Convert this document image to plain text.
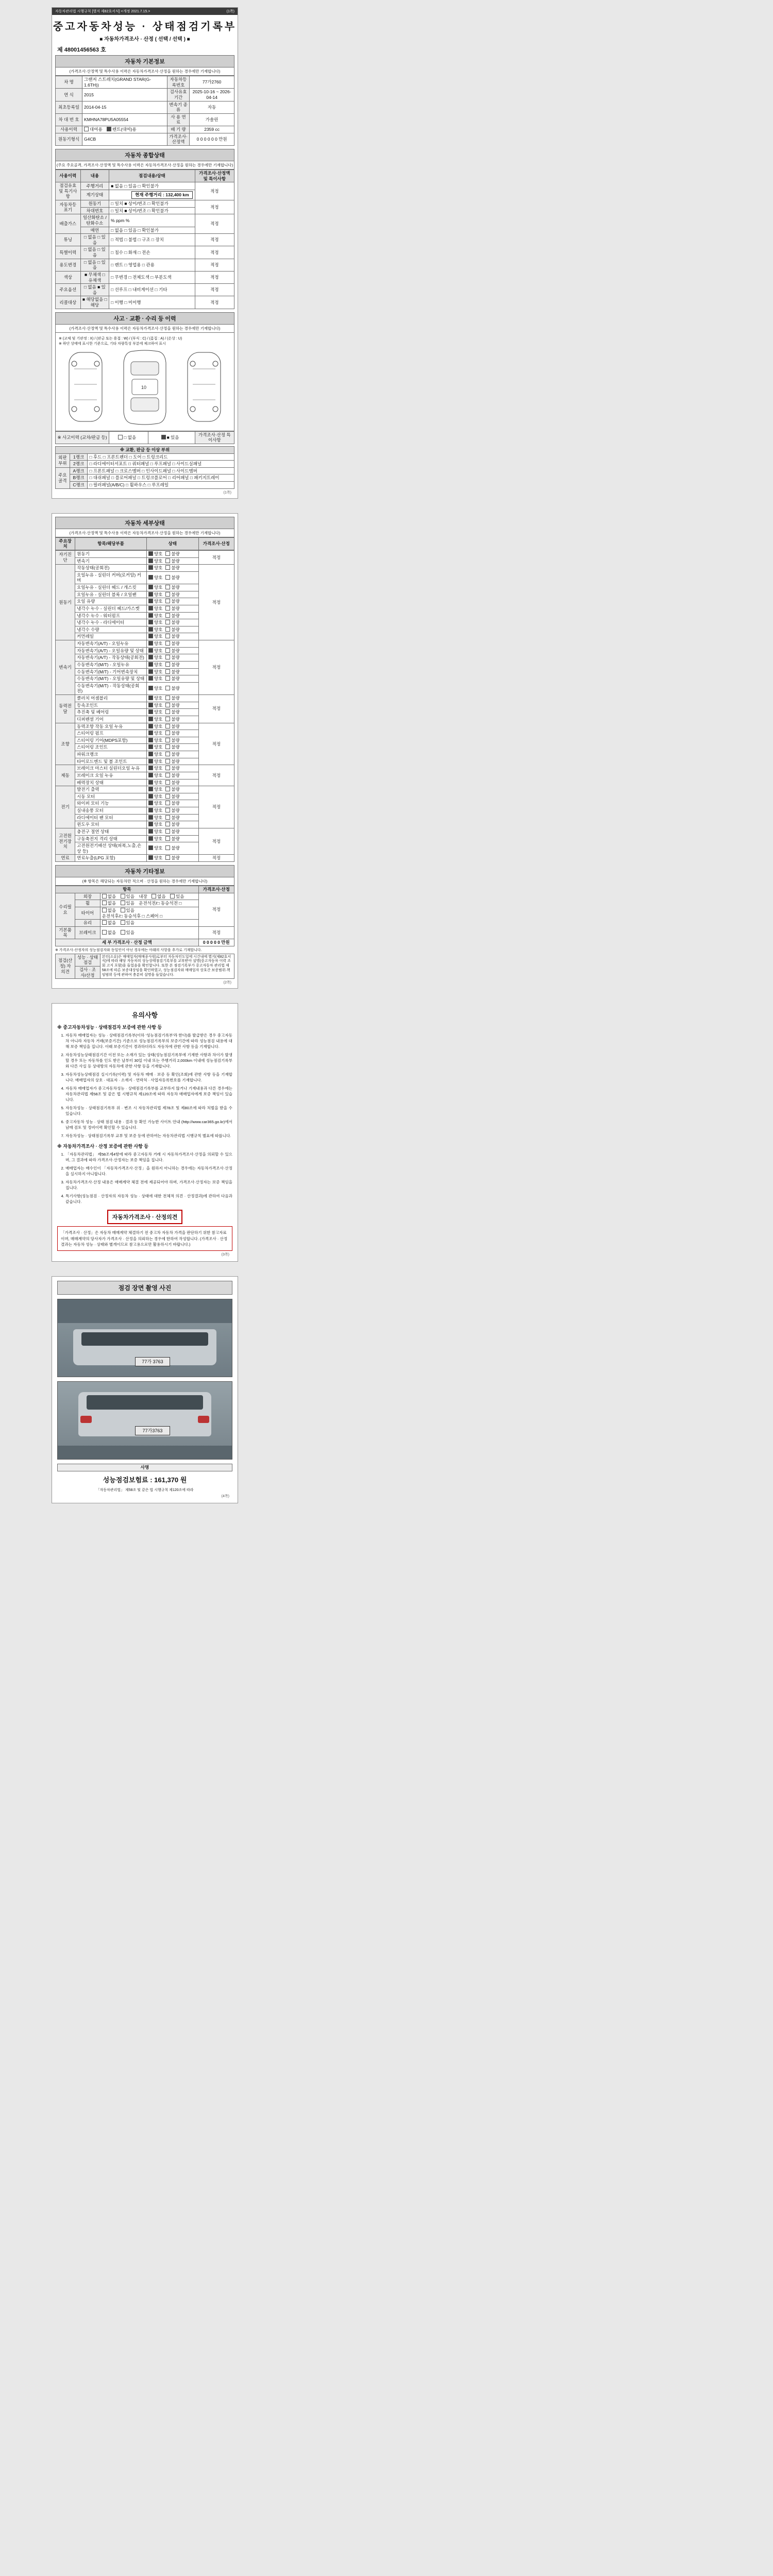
자동차관리법 시행규칙 [별지 제82호서식] <개정 2021.7.15.>	(1쪽)
중고자동차성능 · 상태점검기록부
■ 자동차가격조사 · 산정 ( 선택 / 선택 ) ■
제 48001456563 호
자동차 기본정보
(가격조사·산정액 및 특수사용 이력은 자동차가격조사·산정을 원하는 경우에만 기재합니다)
차 명	그랜저 스트레치(GRAND STAR(G-1.6TH))	자동차등록번호	77가2760
연 식	2015	검사유효기간	2025-10-16 ~ 2026-04-14
최초등록일	2014-04-15	변속기 종류	자동
차 대 번 호	KMHNA78PU5A05554	사 용 연 료	가솔린
사용이력	대여용 렌트(대여)용	배 기 량	2359 cc
원동기형식	G4CB	가격조사·산정액	0 0 0 0 0 0 만원
자동차 종합상태
(주요 주요골격, 가격조사·산정액 및 특수사용 이력은 자동차가격조사·산정을 원하는 경우에만 기재합니다)
사용이력	내용	점검내용/상태	가격조사·산정액 및 특이사항
점검유효 및 특기사항	주행거리	■ 없음 □ 있음 □ 확인불가	적정
	계기상태	현재 주행거리 : 132,400 km	
자동차등 표기	원동기	□ 일치 ■ 상이/변조 □ 확인불가	적정
	차대번호	□ 일치 ■ 상이/변조 □ 확인불가	
배출가스	일산화탄소 / 탄화수소	% ppm %	적정
	매연	□ 없음 □ 있음 □ 확인불가	
튜닝	□ 없음 □ 있음	□ 적법 □ 불법 □ 구조 □ 장치	적정
특별이력	□ 없음 □ 있음	□ 침수 □ 화재 □ 전손	적정
용도변경	□ 없음 □ 있음	□ 렌트 □ 영업용 □ 관용	적정
색상	■ 무채색 □ 유채색	□ 무변경 □ 전체도색 □ 부분도색	적정
주요옵션	□ 없음 ■ 있음	□ 선루프 □ 내비게이션 □ 기타	적정
리콜대상	■ 해당없음 □ 해당	□ 이행 □ 미이행	적정
사고 · 교환 · 수리 등 이력
(가격조사·산정액 및 특수사용 이력은 자동차가격조사·산정을 원하는 경우에만 기재합니다)
※ (교체 및 기판정 : X) / (판금 또는 용접 : W) / (부식 : C) / (흠집 : A) / (손상 : U)
※ 하단 상태에 표시한 기준으로, 기타 차량특성 부분에 체크하여 표시
10
※ 사고이력 (교차/판금 등)	□ 없음	■ 있음	가격조사·산정 특이사항
※ 교환, 판금 등 이상 부위		
외판 부위	1랭크	□ 후드 □ 프론트펜더 □ 도어 □ 트렁크리드
	2랭크	□ 라디에이터서포트 □ 쿼터패널 □ 루프패널 □ 사이드실패널
주요 골격	A랭크	□ 프론트패널 □ 크로스멤버 □ 인사이드패널 □ 사이드멤버
	B랭크	□ 대쉬패널 □ 플로어패널 □ 트렁크플로어 □ 리어패널 □ 패키지트레이
	C랭크	□ 필러패널(A/B/C) □ 휠하우스 □ 루프레일
(1쪽)
자동차 세부상태
(가격조사·산정액 및 특수사용 이력은 자동차가격조사·산정을 원하는 경우에만 기재합니다)
주요장치	항목/해당부품	상태	가격조사·산정
자기진단	원동기	양호 불량	적정
	변속기	양호 불량	
원동기	작동상태(공회전)	양호 불량	적정
	오일누유 - 실린더 커버(로커암) 커버	양호 불량	
	오일누유 - 실린더 헤드 / 개스킷	양호 불량	
	오일누유 - 실린더 블록 / 오일팬	양호 불량	
	오일 유량	양호 불량	
	냉각수 누수 - 실린더 헤드/가스켓	양호 불량	
	냉각수 누수 - 워터펌프	양호 불량	
	냉각수 누수 - 라디에이터	양호 불량	
	냉각수 수량	양호 불량	
	커먼레일	양호 불량	
변속기	자동변속기(A/T) - 오일누유	양호 불량	적정
	자동변속기(A/T) - 오일유량 및 상태	양호 불량	
	자동변속기(A/T) - 작동상태(공회전)	양호 불량	
	수동변속기(M/T) - 오일누유	양호 불량	
	수동변속기(M/T) - 기어변속장치	양호 불량	
	수동변속기(M/T) - 오일유량 및 상태	양호 불량	
	수동변속기(M/T) - 작동상태(공회전)	양호 불량	
동력전달	클러치 어셈블리	양호 불량	적정
	등속조인트	양호 불량	
	추진축 및 베어링	양호 불량	
	디퍼렌셜 기어	양호 불량	
조향	동력조향 작동 오일 누유	양호 불량	적정
	스티어링 펌프	양호 불량	
	스티어링 기어(MDPS포함)	양호 불량	
	스티어링 조인트	양호 불량	
	파워크랭크	양호 불량	
	타이로드엔드 및 볼 조인트	양호 불량	
제동	브레이크 마스터 실린더오일 누유	양호 불량	적정
	브레이크 오일 누유	양호 불량	
	배력장치 상태	양호 불량	
전기	발전기 출력	양호 불량	적정
	시동 모터	양호 불량	
	와이퍼 모터 기능	양호 불량	
	실내송풍 모터	양호 불량	
	라디에이터 팬 모터	양호 불량	
	윈도우 모터	양호 불량	
고전원 전기장치	충전구 절연 상태	양호 불량	적정
	구동축전지 격리 상태	양호 불량	
	고전원전기배선 상태(피복,노출,손상 등)	양호 불량	
연료	연료누출(LPG 포함)	양호 불량	적정
자동차 기타정보
(※ 항목은 해당되는 자동차만 적으며 · 산정을 원하는 경우에만 기재합니다)
항목			가격조사·산정
수리필요	외장	없음 있음 내장 없음 있음	적정
	휠	없음 있음 운전석전/□ 동승석전 □	
	타이어	없음 있음 운전석후/□ 동승석후 □ 스페어 □	
	유리	없음 있음	
기본품목	브레이크	없음 있음	적정
세 부 가격조사 · 산정 금액			0 0 0 0 0 만원
※ 가격조사·산정자의 성능점검자와 동일인이 아닌 경우에는 아래의 사항을 추가로 기재합니다.
점검(산정) 자 의견	성능 · 상태점검	본인(소유)은 매매업자(매매종사원)로부터 자동차인도일에 시간내에 별지(제82호서식)에 따라 해당 자동차의 성능상태점검기록부를 교부받아 설명(중고자동차 이력 조회 고지 포함)을 들었음을 확인합니다. 또한 본 점검기록부가 중고자동차 관리법 제58조에 따른 보증대상임을 확인하였고, 성능점검자와 매매업자 상호간 보증범위·책임범위 등에 관하여 충분히 설명을 들었습니다.
검사 · 조사/산정
(2쪽)
유의사항
※ 중고자동차성능 · 상태점검자 보증에 관한 사항 등
1. 자동차 매매업자는 성능 · 상태점검기록부(이하 '성능점검기록부'라 한다)를 발급받은 경우 중고자동차 아니라 자동차 거래(보증기간) 기준으로 성능점검기록부의 보증기간에 따라 성능점검 내용에 대해 보증 책임을 집니다. 이때 보증기간이 경과하더라도 자동차에 관한 사항 등을 기재합니다.
2. 자동차성능상태점검기간 이전 또는 소재가 있는 상태(성능점검기록부에 기재한 사항과 차이가 발생할 경우 또는 자동차를 인도 받은 날부터 30일 이내 또는 주행거리 2,000km 이내에 성능점검기록부와 다른 사실 등 상대방의 자동차에 관한 사항 등을 기재합니다.
3. 자동차성능상태점검 실시기록(이력) 및 자동차 매매 · 보증 등 확인(조회)에 관한 사항 등을 기재합니다. 매매업자의 상호 · 대표자 · 소재지 · 연락처 · 사업자등록번호를 기재합니다.
4. 자동차 매매업자가 중고자동차성능 · 상태점검기록부를 교부하지 않거나 기재내용과 다른 경우에는 자동차관리법 제58조 및 같은 법 시행규칙 제120조에 따라 자동차 매매업자에게 보증 책임이 있습니다.
5. 자동차성능 · 상태점검기록부 위 · 변조 시 자동차관리법 제78조 및 제80조에 따라 처벌을 받을 수 있습니다.
6. 중고자동차 성능 · 상태 점검 내용 · 결과 등 확인 가능한 사이트 안내 (http://www.car365.go.kr)에서 남매 검토 및 정비이력 확인할 수 있습니다.
7. 자동차성능 · 상태점검기록부 교부 및 보증 등에 관하여는 자동차관리법 시행규칙 별표에 따릅니다.
※ 자동차가격조사 · 산정 보증에 관한 사항 등
1. 「자동차관리법」 제58조제4항에 따라 중고자동차 거래 시 자동차가격조사·산정을 의뢰할 수 있으며, 그 결과에 따라 가격조사·산정자는 보증 책임을 집니다.
2. 매매업자는 매수인이 「자동차가격조사·산정」을 원하지 아니하는 경우에는 자동차가격조사·산정을 실시하지 아니합니다.
3. 자동차가격조사·산정 내용은 매매계약 체결 전에 제공되어야 하며, 가격조사·산정자는 보증 책임을 집니다.
4. 특기사항(성능점검 · 산정자의 자동차 성능 · 상태에 대한 전체적 의견 · 산정결과)에 관하여 다음과 같습니다.
자동차가격조사 · 산정의견
「가격조사 · 산정」은 자동차 매매계약 체결하기 전 중고차 자동차 가격을 판단하기 위한 참고자료이며, 매매계약의 당사자가 가격조사 · 산정을 의뢰하는 경우에 한하여 작성합니다. (가격조사 · 산정 결과는 자동차 성능 · 상태와 별개이므로 참고용으로만 활용하시기 바랍니다.)
(3쪽)
점검 장면 촬영 사진
77가 3763
77가3763
사명
성능점검보험료 : 161,370 원
「자동차관리법」 제58조 및 같은 법 시행규칙 제120조에 따라
(4쪽)
